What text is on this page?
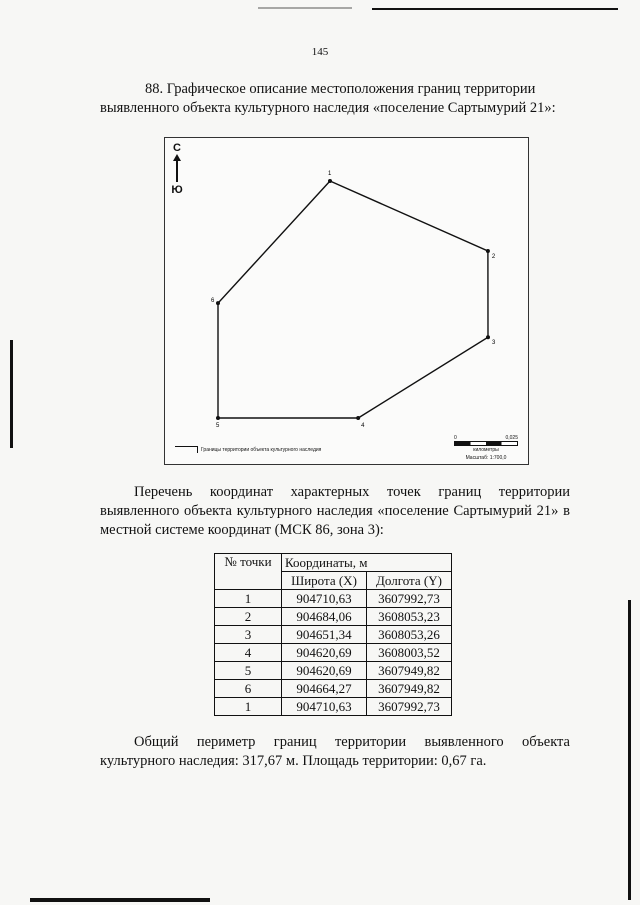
145
88. Графическое описание местоположения границ территории
выявленного объекта культурного наследия «поселение Сартымурий 21»:
1
2
3
4
5
6
С
Ю
Границы территории объекта культурного наследия
0	0,025
километры
Масштаб: 1:700,0
Перечень координат характерных точек границ территории
выявленного объекта культурного наследия «поселение Сартымурий 21» в
местной системе координат (МСК 86, зона 3):
№ точки	Координаты, м	
	Широта (X)	Долгота (Y)
1	904710,63	3607992,73
2	904684,06	3608053,23
3	904651,34	3608053,26
4	904620,69	3608003,52
5	904620,69	3607949,82
6	904664,27	3607949,82
1	904710,63	3607992,73
Общий периметр границ территории выявленного объекта
культурного наследия: 317,67 м. Площадь территории: 0,67 га.
